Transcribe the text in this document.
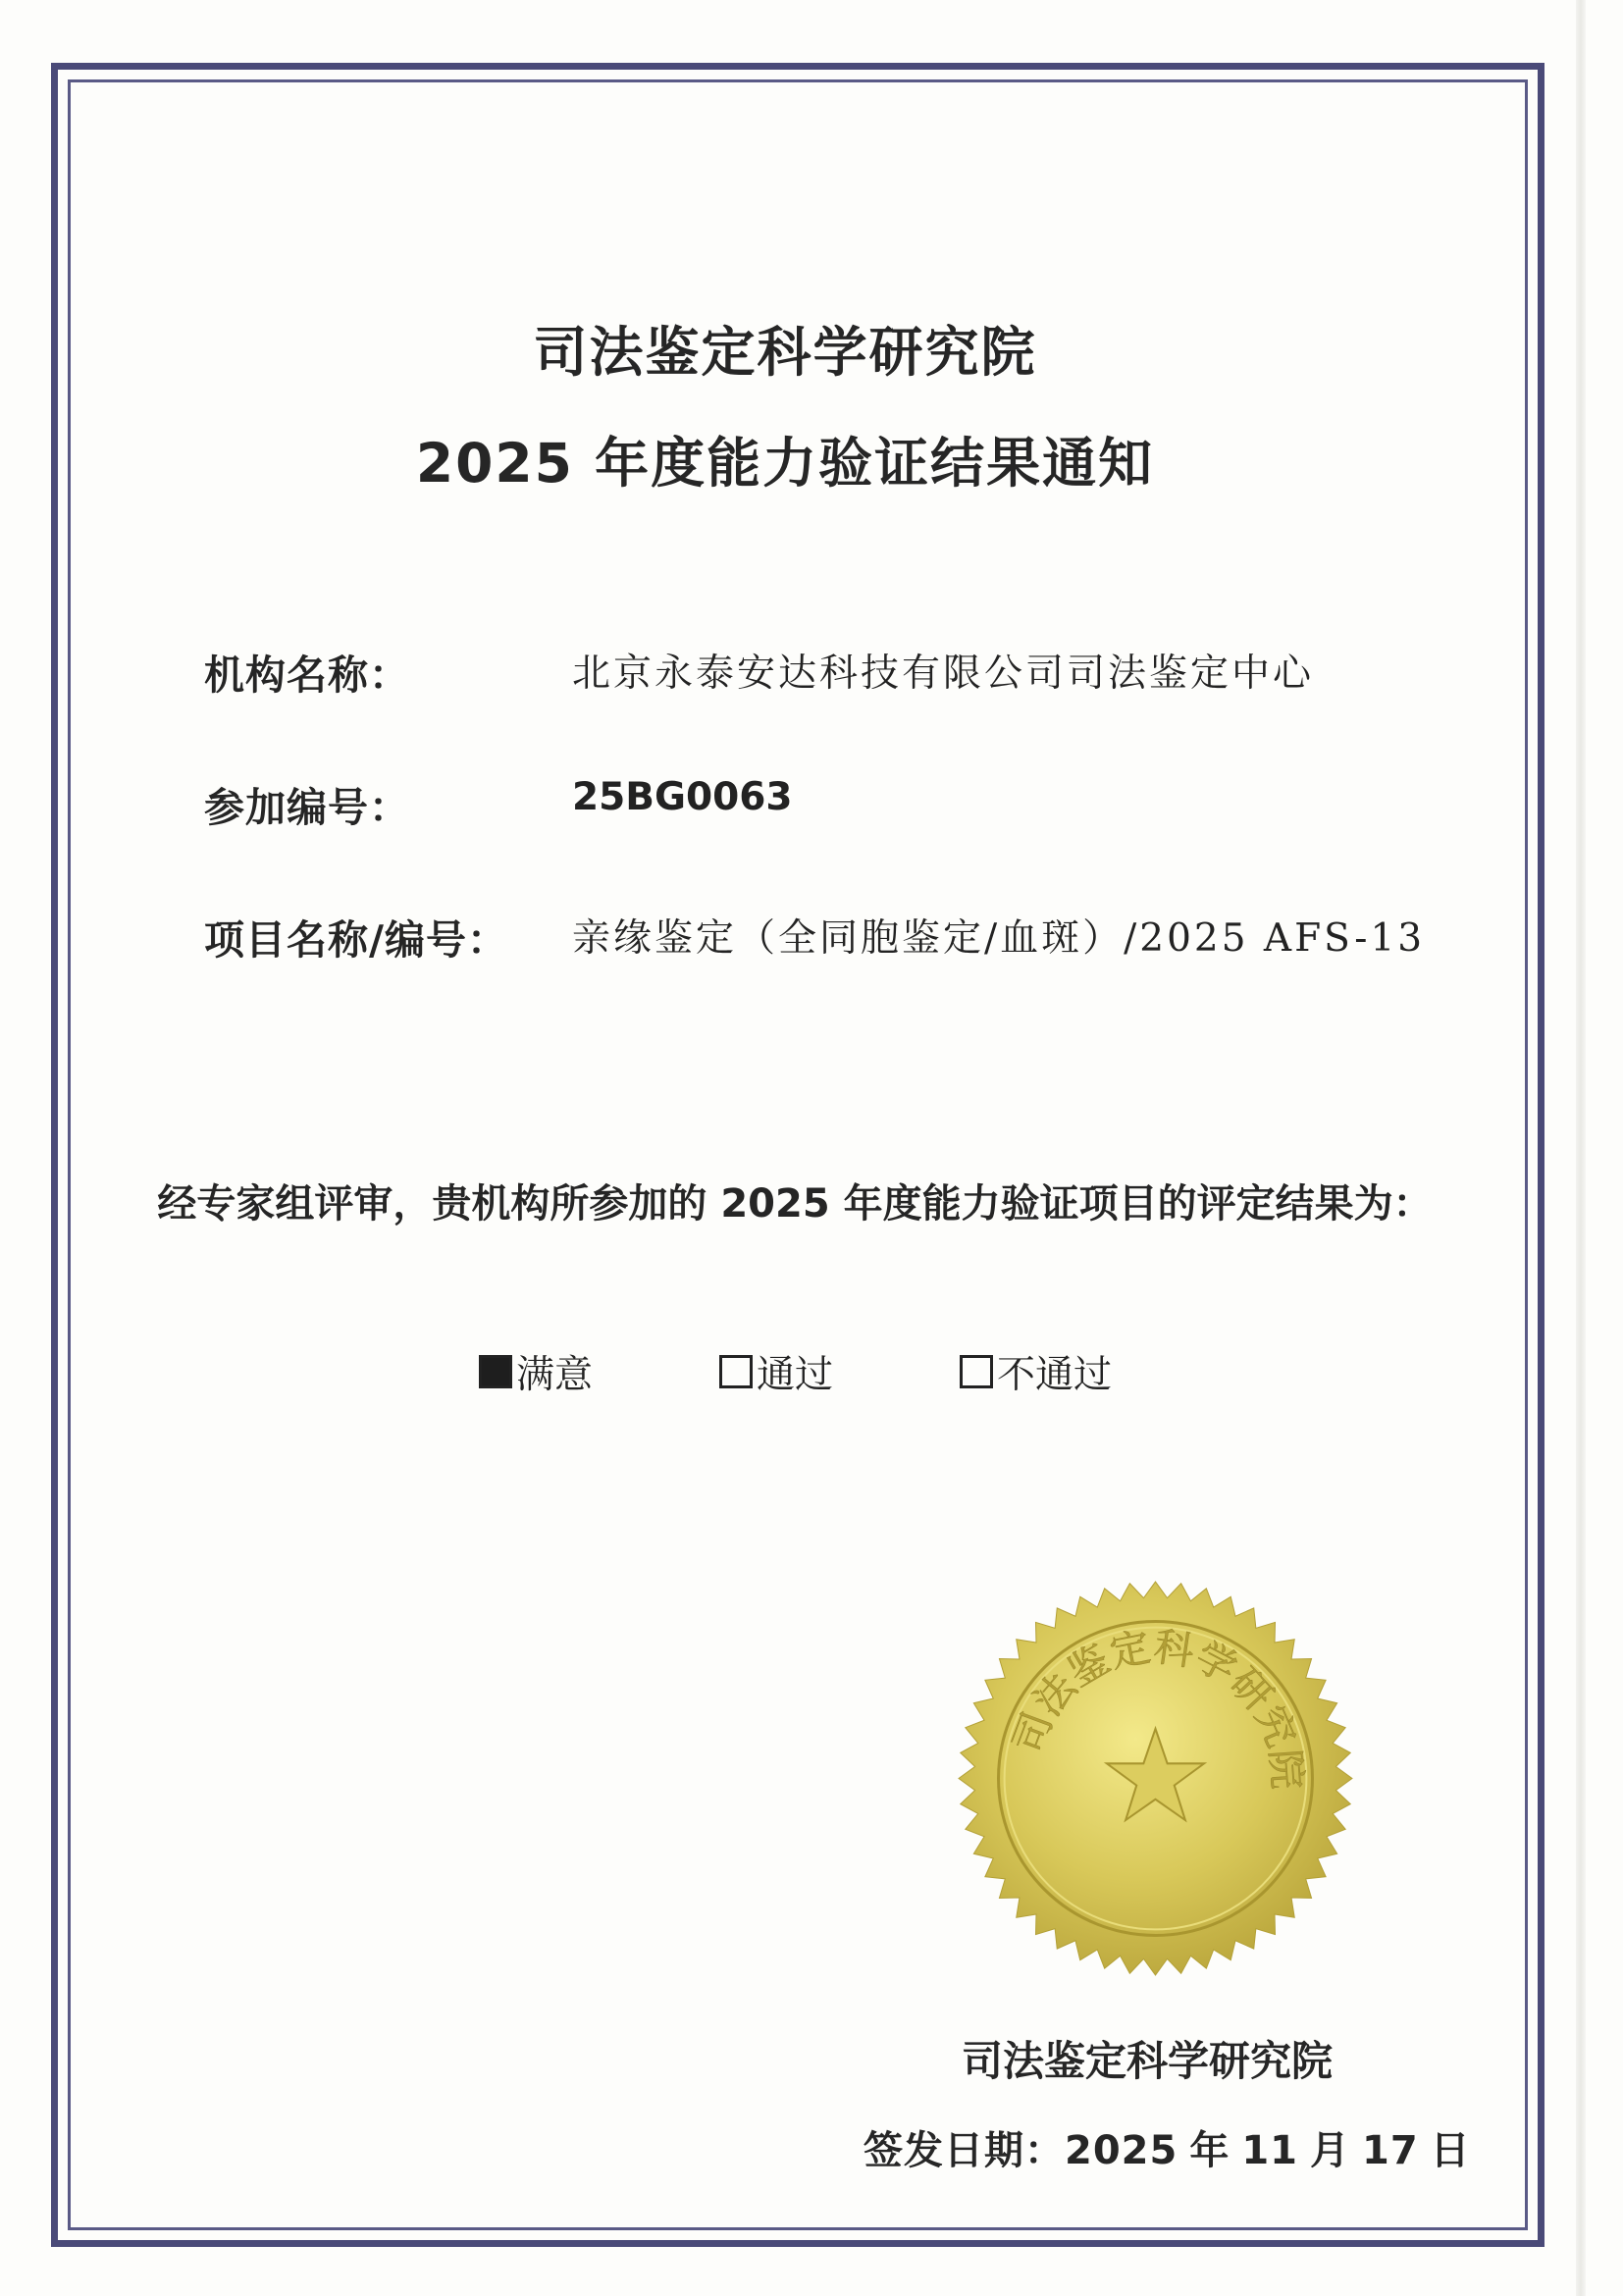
司法鉴定科学研究院
2025 年度能力验证结果通知
机构名称：	北京永泰安达科技有限公司司法鉴定中心
参加编号：	25BG0063
项目名称/编号： 亲缘鉴定（全同胞鉴定/血斑）/2025 AFS-13
经专家组评审，贵机构所参加的 2025 年度能力验证项目的评定结果为：
满意	通过	不通过
司法鉴定科学研究院
司法鉴定科学研究院
签发日期：2025 年 11 月 17 日
